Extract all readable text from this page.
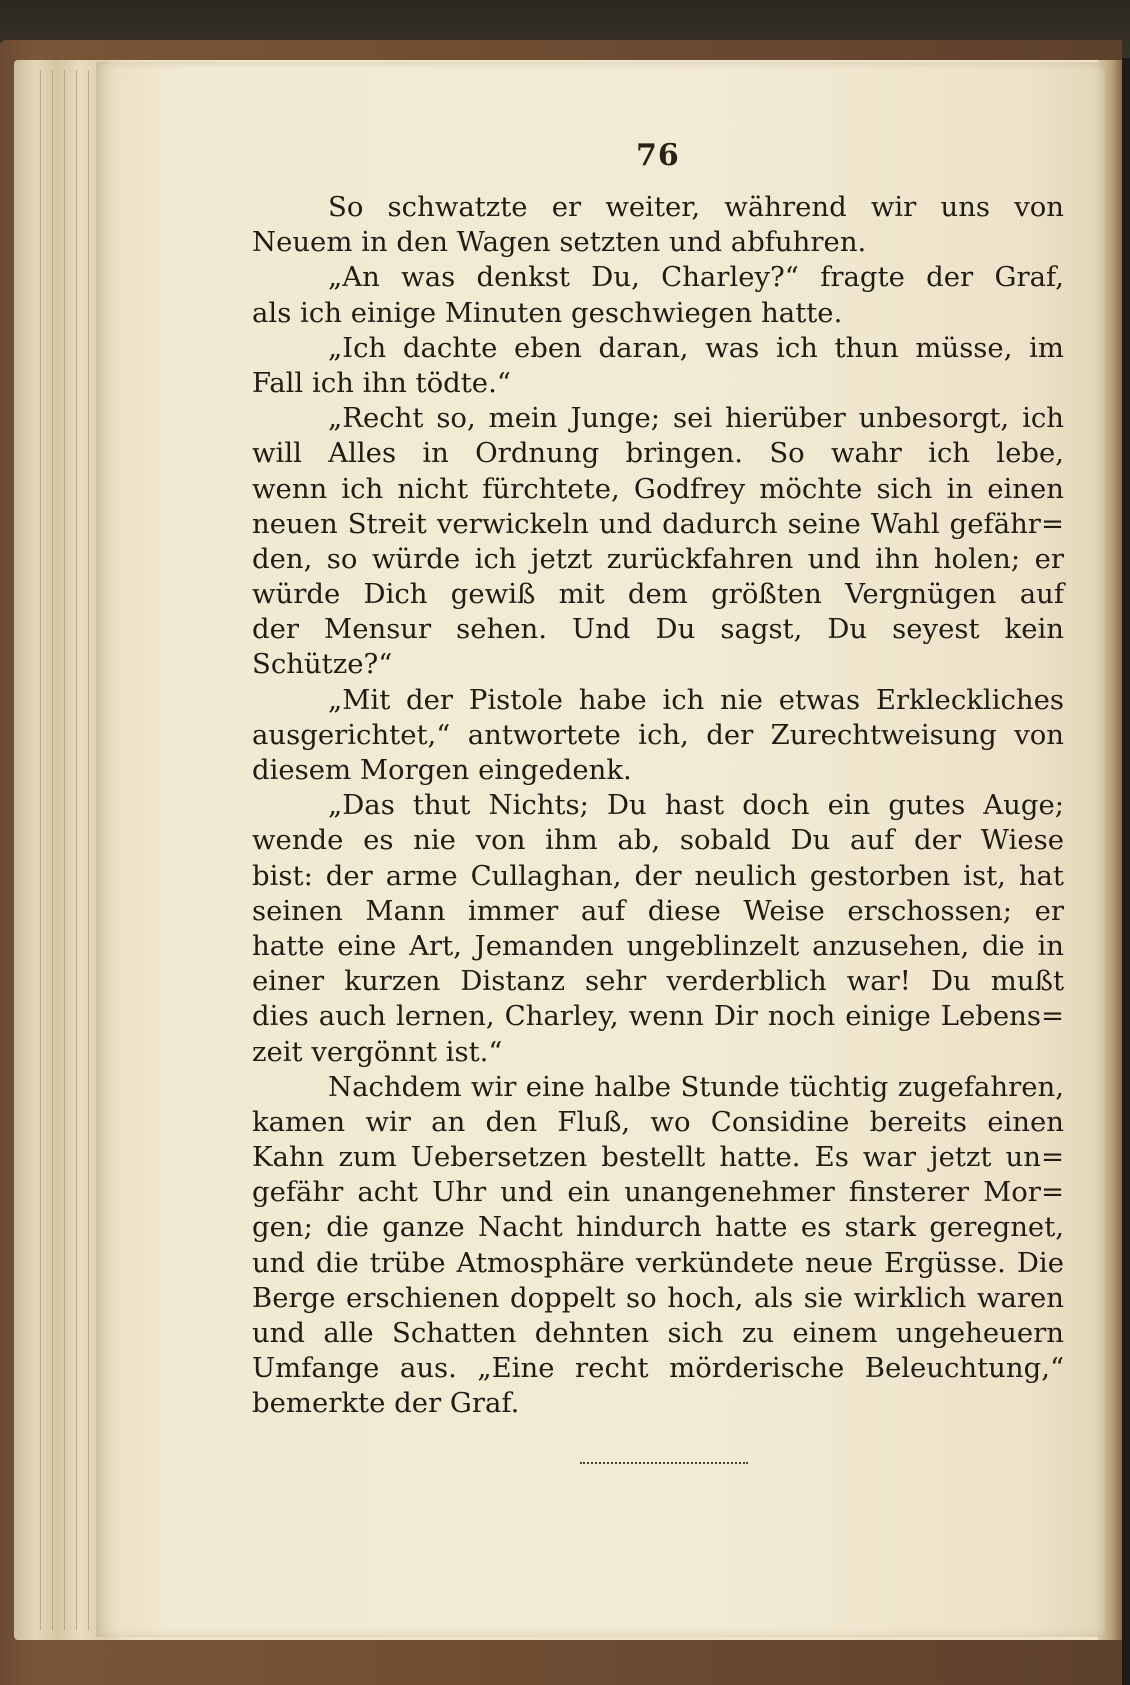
76
So schwatzte er weiter, während wir uns von
Neuem in den Wagen setzten und abfuhren.
„An was denkst Du, Charley?“ fragte der Graf,
als ich einige Minuten geschwiegen hatte.
„Ich dachte eben daran, was ich thun müsse, im
Fall ich ihn tödte.“
„Recht so, mein Junge; sei hierüber unbesorgt, ich
will Alles in Ordnung bringen. So wahr ich lebe,
wenn ich nicht fürchtete, Godfrey möchte sich in einen
neuen Streit verwickeln und dadurch seine Wahl gefähr=
den, so würde ich jetzt zurückfahren und ihn holen; er
würde Dich gewiß mit dem größten Vergnügen auf
der Mensur sehen. Und Du sagst, Du seyest kein
Schütze?“
„Mit der Pistole habe ich nie etwas Erkleckliches
ausgerichtet,“ antwortete ich, der Zurechtweisung von
diesem Morgen eingedenk.
„Das thut Nichts; Du hast doch ein gutes Auge;
wende es nie von ihm ab, sobald Du auf der Wiese
bist: der arme Cullaghan, der neulich gestorben ist, hat
seinen Mann immer auf diese Weise erschossen; er
hatte eine Art, Jemanden ungeblinzelt anzusehen, die in
einer kurzen Distanz sehr verderblich war! Du mußt
dies auch lernen, Charley, wenn Dir noch einige Lebens=
zeit vergönnt ist.“
Nachdem wir eine halbe Stunde tüchtig zugefahren,
kamen wir an den Fluß, wo Considine bereits einen
Kahn zum Uebersetzen bestellt hatte. Es war jetzt un=
gefähr acht Uhr und ein unangenehmer finsterer Mor=
gen; die ganze Nacht hindurch hatte es stark geregnet,
und die trübe Atmosphäre verkündete neue Ergüsse. Die
Berge erschienen doppelt so hoch, als sie wirklich waren
und alle Schatten dehnten sich zu einem ungeheuern
Umfange aus. „Eine recht mörderische Beleuchtung,“
bemerkte der Graf.
